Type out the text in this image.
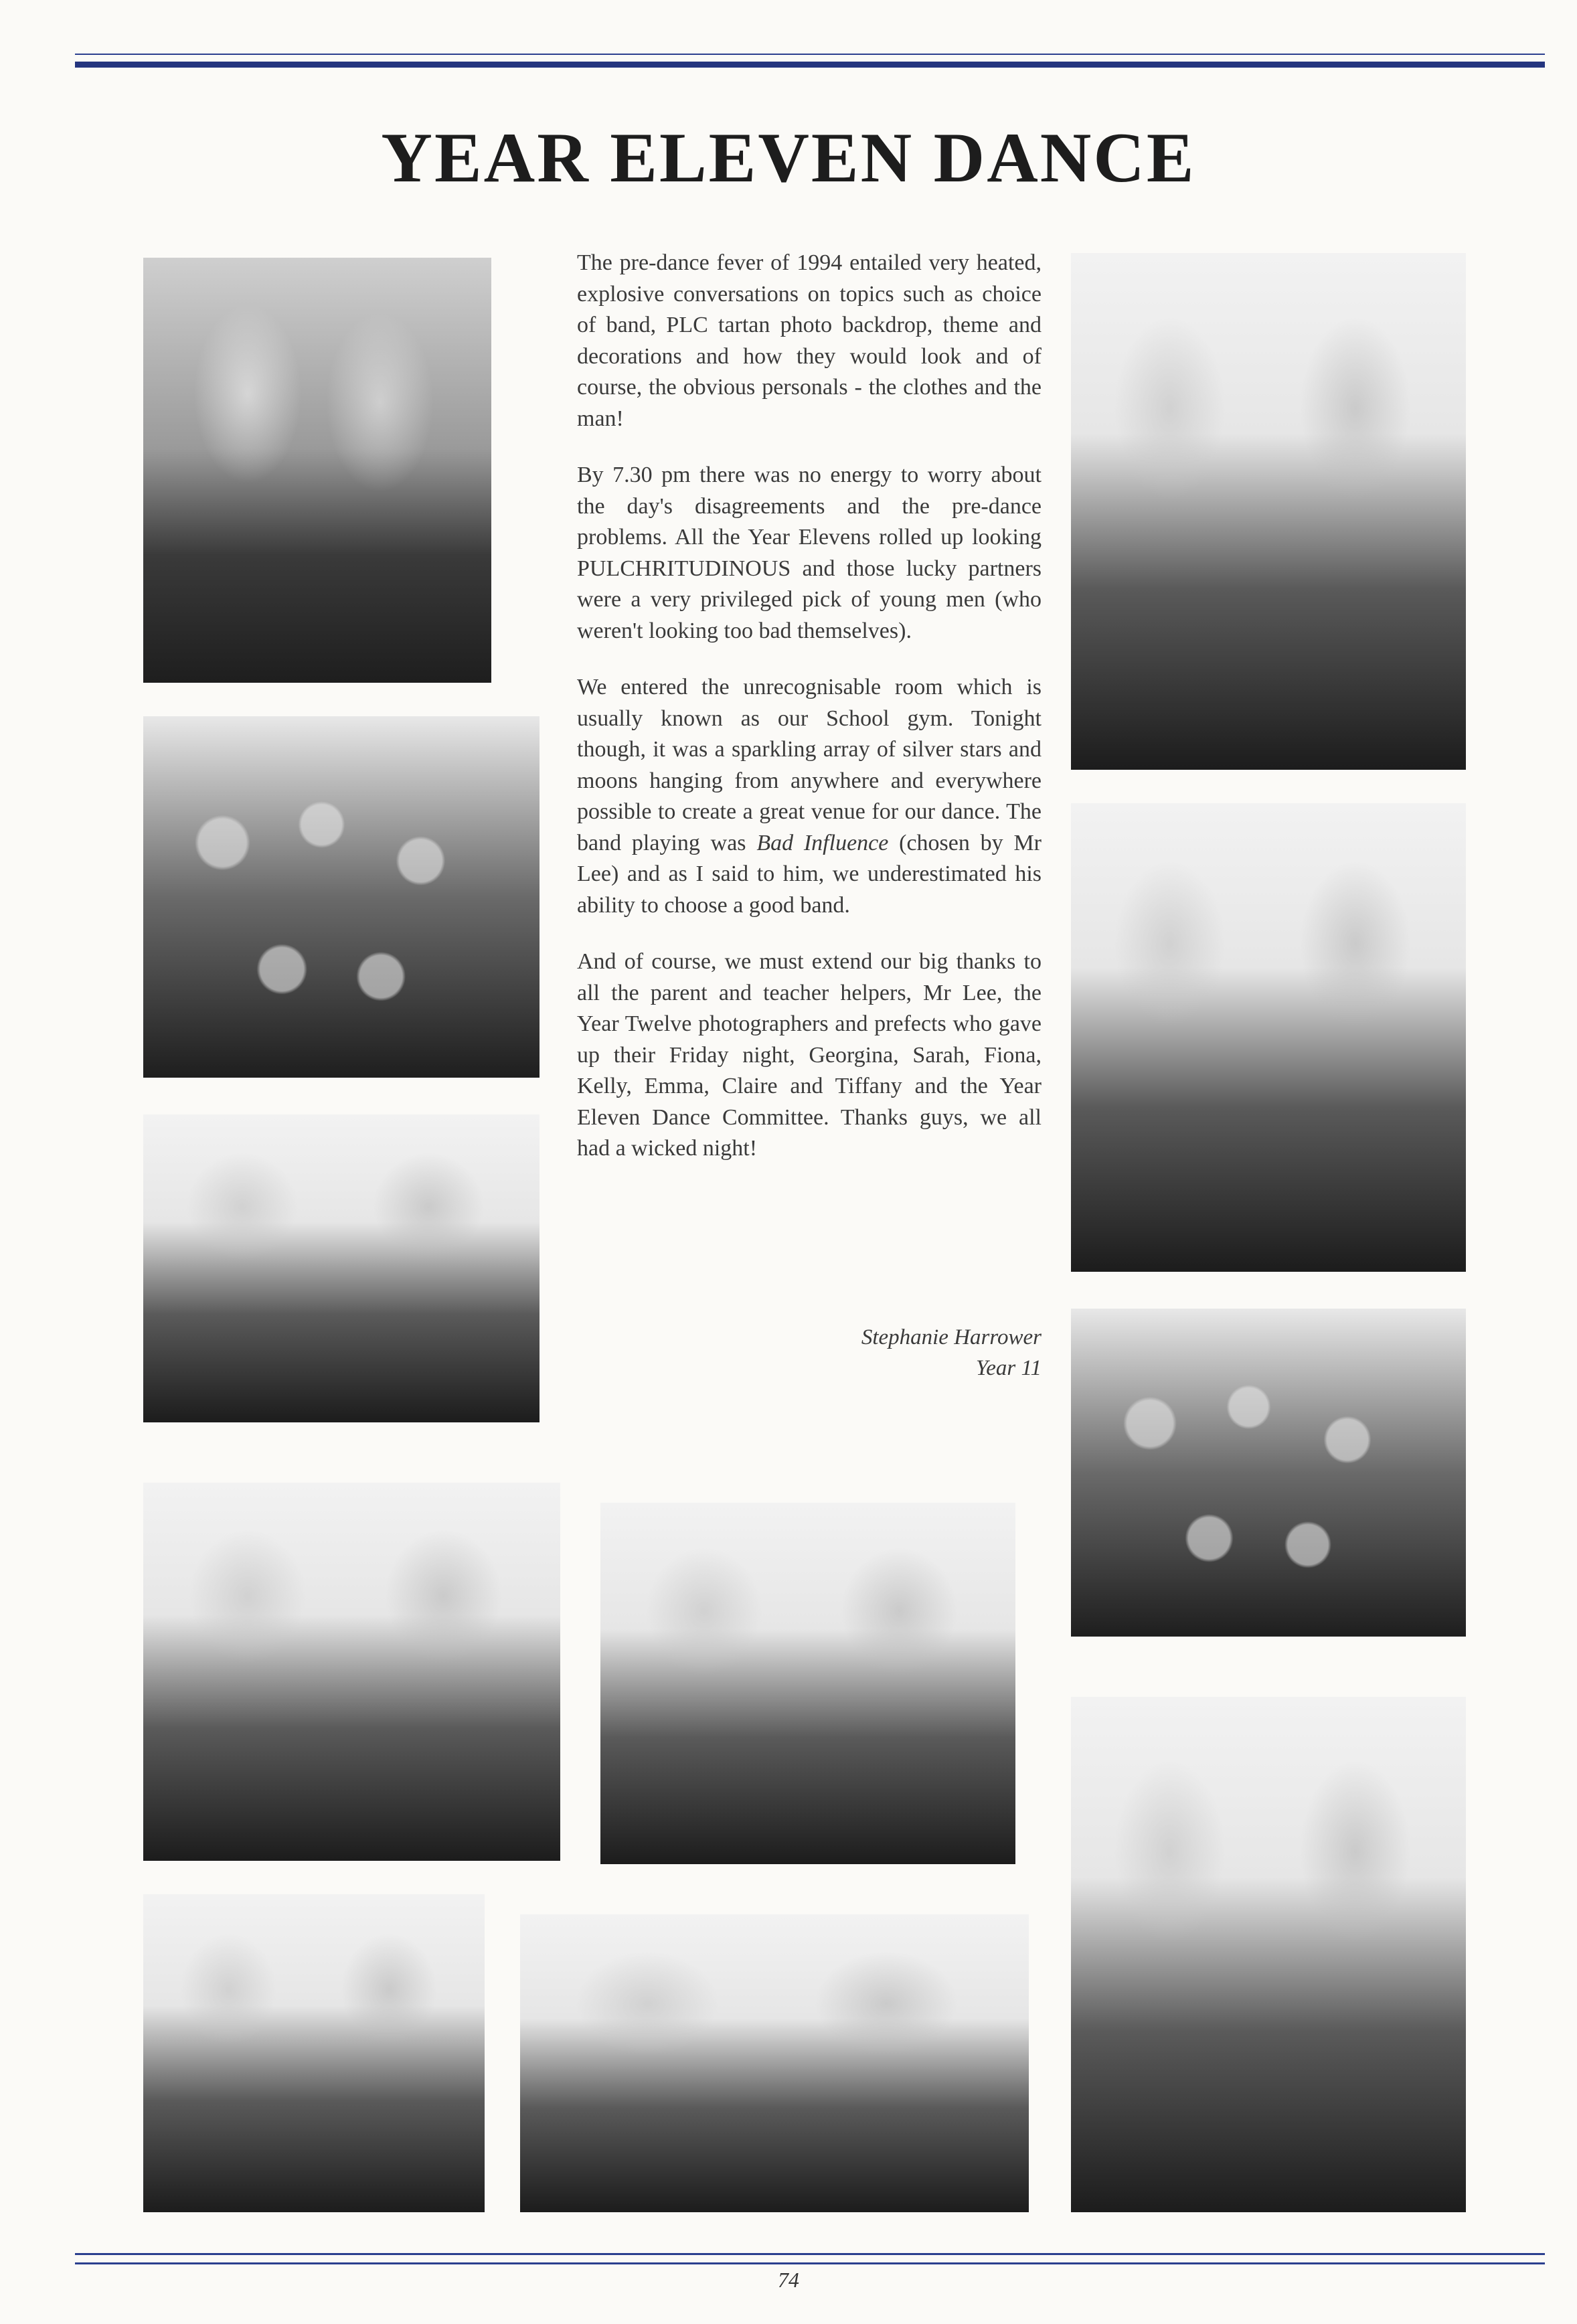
YEAR ELEVEN DANCE

The pre-dance fever of 1994 entailed very heated, explosive conversations on topics such as choice of band, PLC tartan photo backdrop, theme and decorations and how they would look and of course, the obvious personals - the clothes and the man!

By 7.30 pm there was no energy to worry about the day's disagreements and the pre-dance problems. All the Year Elevens rolled up looking PULCHRITUDINOUS and those lucky partners were a very privileged pick of young men (who weren't looking too bad themselves).

We entered the unrecognisable room which is usually known as our School gym. Tonight though, it was a sparkling array of silver stars and moons hanging from anywhere and everywhere possible to create a great venue for our dance. The band playing was Bad Influence (chosen by Mr Lee) and as I said to him, we underestimated his ability to choose a good band.

And of course, we must extend our big thanks to all the parent and teacher helpers, Mr Lee, the Year Twelve photographers and prefects who gave up their Friday night, Georgina, Sarah, Fiona, Kelly, Emma, Claire and Tiffany and the Year Eleven Dance Committee. Thanks guys, we all had a wicked night!

Stephanie Harrower
Year 11
74
